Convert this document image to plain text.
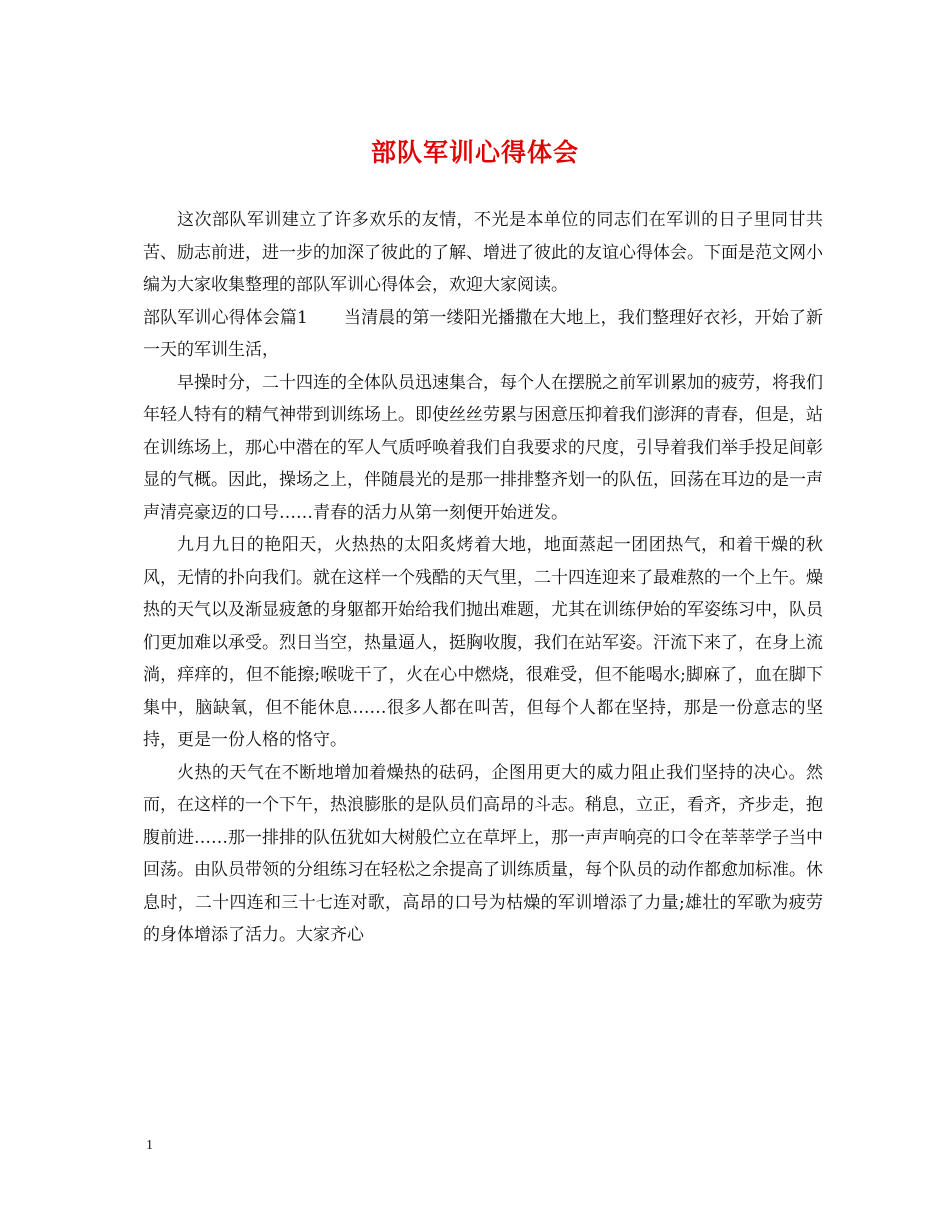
部队军训心得体会

这次部队军训建立了许多欢乐的友情，不光是本单位的同志们在军训的日子里同甘共苦、励志前进，进一步的加深了彼此的了解、增进了彼此的友谊心得体会。下面是范文网小编为大家收集整理的部队军训心得体会，欢迎大家阅读。

部队军训心得体会篇1 当清晨的第一缕阳光播撒在大地上，我们整理好衣衫，开始了新一天的军训生活，

早操时分，二十四连的全体队员迅速集合，每个人在摆脱之前军训累加的疲劳，将我们年轻人特有的精气神带到训练场上。即使丝丝劳累与困意压抑着我们澎湃的青春，但是，站在训练场上，那心中潜在的军人气质呼唤着我们自我要求的尺度，引导着我们举手投足间彰显的气概。因此，操场之上，伴随晨光的是那一排排整齐划一的队伍，回荡在耳边的是一声声清亮豪迈的口号……青春的活力从第一刻便开始迸发。

九月九日的艳阳天，火热热的太阳炙烤着大地，地面蒸起一团团热气，和着干燥的秋风，无情的扑向我们。就在这样一个残酷的天气里，二十四连迎来了最难熬的一个上午。燥热的天气以及渐显疲惫的身躯都开始给我们抛出难题，尤其在训练伊始的军姿练习中，队员们更加难以承受。烈日当空，热量逼人，挺胸收腹，我们在站军姿。汗流下来了，在身上流淌，痒痒的，但不能擦;喉咙干了，火在心中燃烧，很难受，但不能喝水;脚麻了，血在脚下集中，脑缺氧，但不能休息……很多人都在叫苦，但每个人都在坚持，那是一份意志的坚持，更是一份人格的恪守。

火热的天气在不断地增加着燥热的砝码，企图用更大的威力阻止我们坚持的决心。然而，在这样的一个下午，热浪膨胀的是队员们高昂的斗志。稍息，立正，看齐，齐步走，抱腹前进……那一排排的队伍犹如大树般伫立在草坪上，那一声声响亮的口令在莘莘学子当中回荡。由队员带领的分组练习在轻松之余提高了训练质量，每个队员的动作都愈加标准。休息时，二十四连和三十七连对歌，高昂的口号为枯燥的军训增添了力量;雄壮的军歌为疲劳的身体增添了活力。大家齐心

1
